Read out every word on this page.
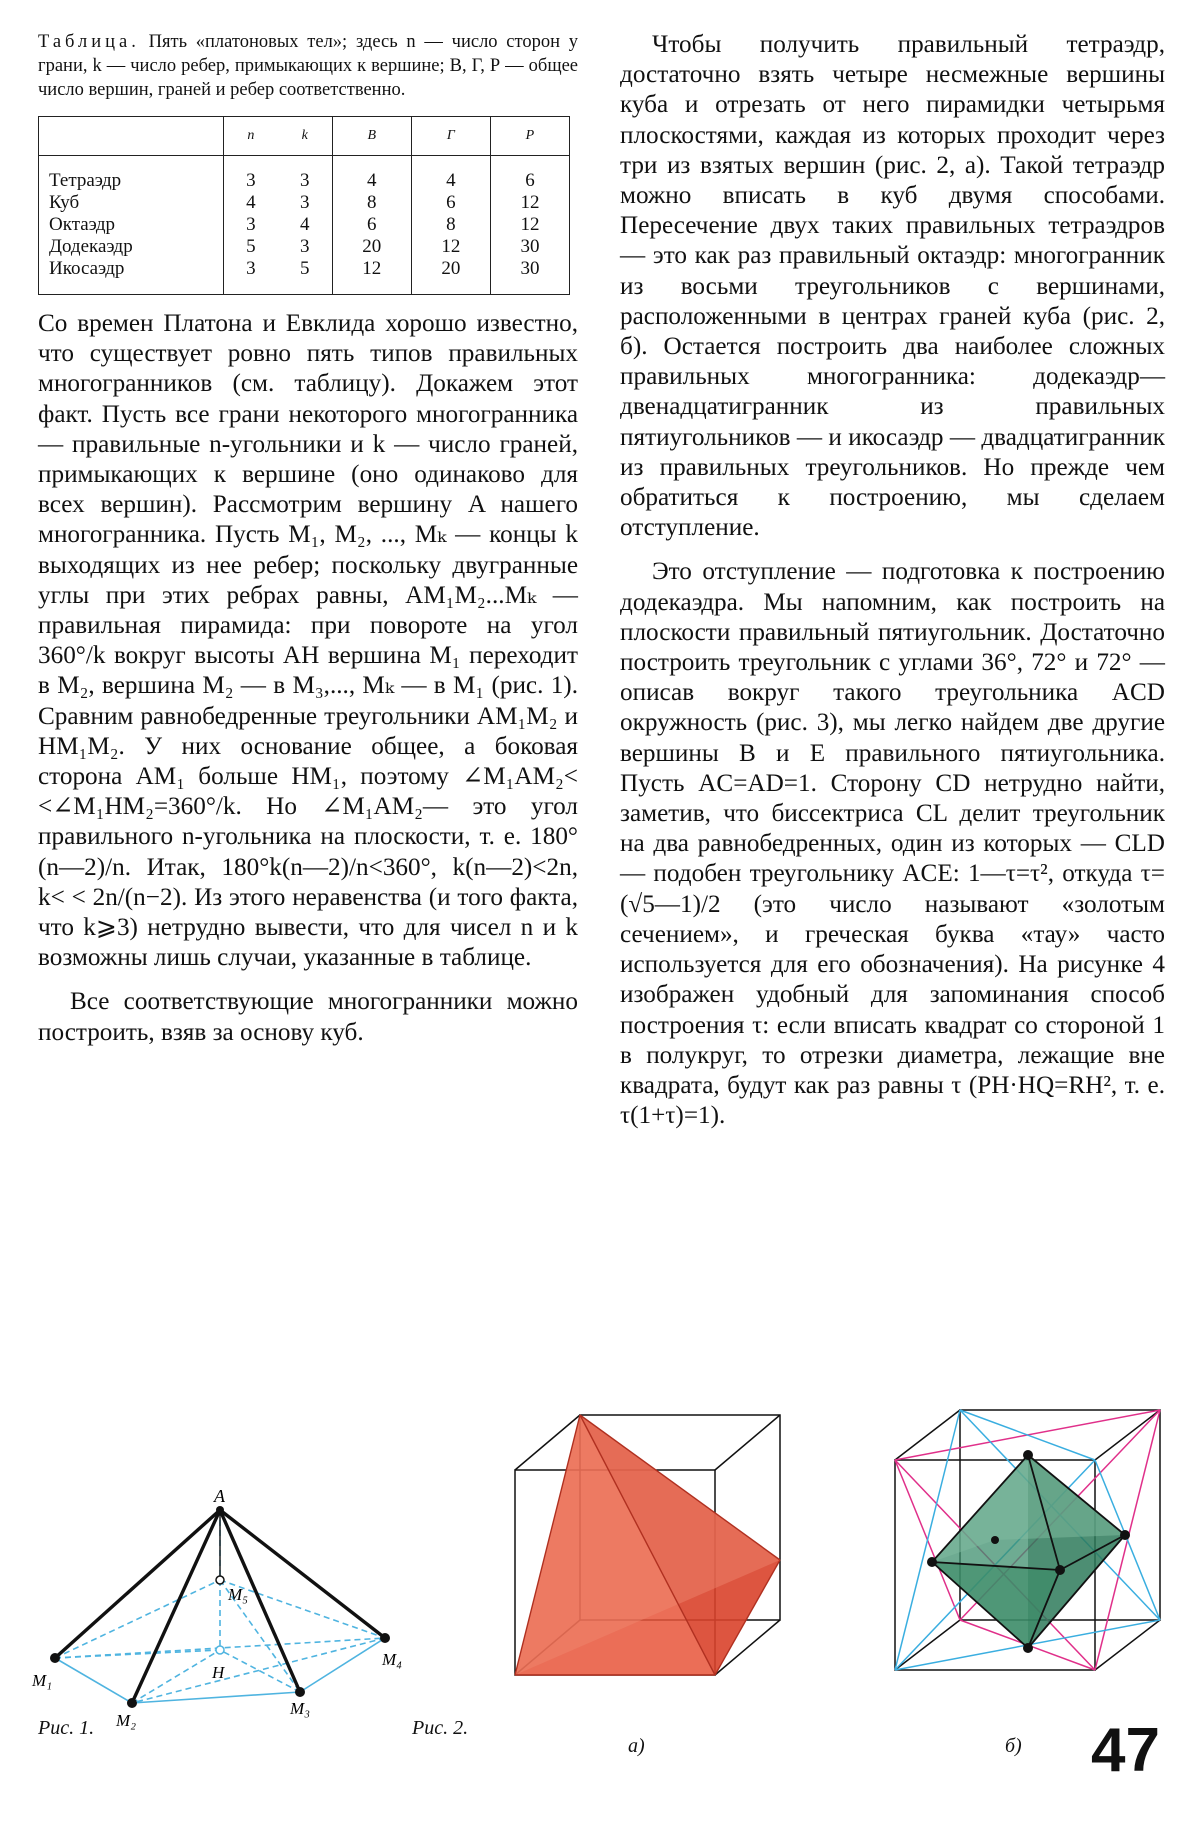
Таблица. Пять «платоновых тел»; здесь n — число сторон у грани, k — число ребер, примыкающих к вершине; В, Г, Р — общее число вершин, граней и ребер соответственно.

	n	k	В	Г	Р
Тетраэдр	3	3	4	4	6
Куб	4	3	8	6	12
Октаэдр	3	4	6	8	12
Додекаэдр	5	3	20	12	30
Икосаэдр	3	5	12	20	30

Со времен Платона и Евклида хорошо известно, что существует ровно пять типов правильных многогранников (см. таблицу). Докажем этот факт. Пусть все грани некоторого многогранника — правильные n-угольники и k — число граней, примыкающих к вершине (оно одинаково для всех вершин). Рассмотрим вершину A нашего многогранника. Пусть M₁, M₂, ..., Mₖ — концы k выходящих из нее ребер; поскольку двугранные углы при этих ребрах равны, AM₁M₂...Mₖ — правильная пирамида: при повороте на угол 360°/k вокруг высоты AH вершина M₁ переходит в M₂, вершина M₂ — в M₃,..., Mₖ — в M₁ (рис. 1). Сравним равнобедренные треугольники AM₁M₂ и HM₁M₂. У них основание общее, а боковая сторона AM₁ больше HM₁, поэтому ∠M₁AM₂< <∠M₁HM₂=360°/k. Но ∠M₁AM₂— это угол правильного n-угольника на плоскости, т. е. 180°(n—2)/n. Итак, 180°k(n—2)/n<360°, k(n—2)<2n, k< < 2n/(n−2). Из этого неравенства (и того факта, что k⩾3) нетрудно вывести, что для чисел n и k возможны лишь случаи, указанные в таблице.

Все соответствующие многогранники можно построить, взяв за основу куб.

Чтобы получить правильный тетраэдр, достаточно взять четыре несмежные вершины куба и отрезать от него пирамидки четырьмя плоскостями, каждая из которых проходит через три из взятых вершин (рис. 2, а). Такой тетраэдр можно вписать в куб двумя способами. Пересечение двух таких правильных тетраэдров — это как раз правильный октаэдр: многогранник из восьми треугольников с вершинами, расположенными в центрах граней куба (рис. 2, б). Остается построить два наиболее сложных правильных многогранника: додекаэдр— двенадцатигранник из правильных пятиугольников — и икосаэдр — двадцатигранник из правильных треугольников. Но прежде чем обратиться к построению, мы сделаем отступление.

Это отступление — подготовка к построению додекаэдра. Мы напомним, как построить на плоскости правильный пятиугольник. Достаточно построить треугольник с углами 36°, 72° и 72° — описав вокруг такого треугольника ACD окружность (рис. 3), мы легко найдем две другие вершины B и E правильного пятиугольника. Пусть AC=AD=1. Сторону CD нетрудно найти, заметив, что биссектриса CL делит треугольник на два равнобедренных, один из которых — CLD — подобен треугольнику ACE: 1—τ=τ², откуда τ=(√5—1)/2 (это число называют «золотым сечением», и греческая буква «тау» часто используется для его обозначения). На рисунке 4 изображен удобный для запоминания способ построения τ: если вписать квадрат со стороной 1 в полукруг, то отрезки диаметра, лежащие вне квадрата, будут как раз равны τ (PH·HQ=RH², т. е. τ(1+τ)=1).

A
M₁
M₂
M₃
M₄
M₅
H
Рис. 1.	Рис. 2.
а)	б) 47
